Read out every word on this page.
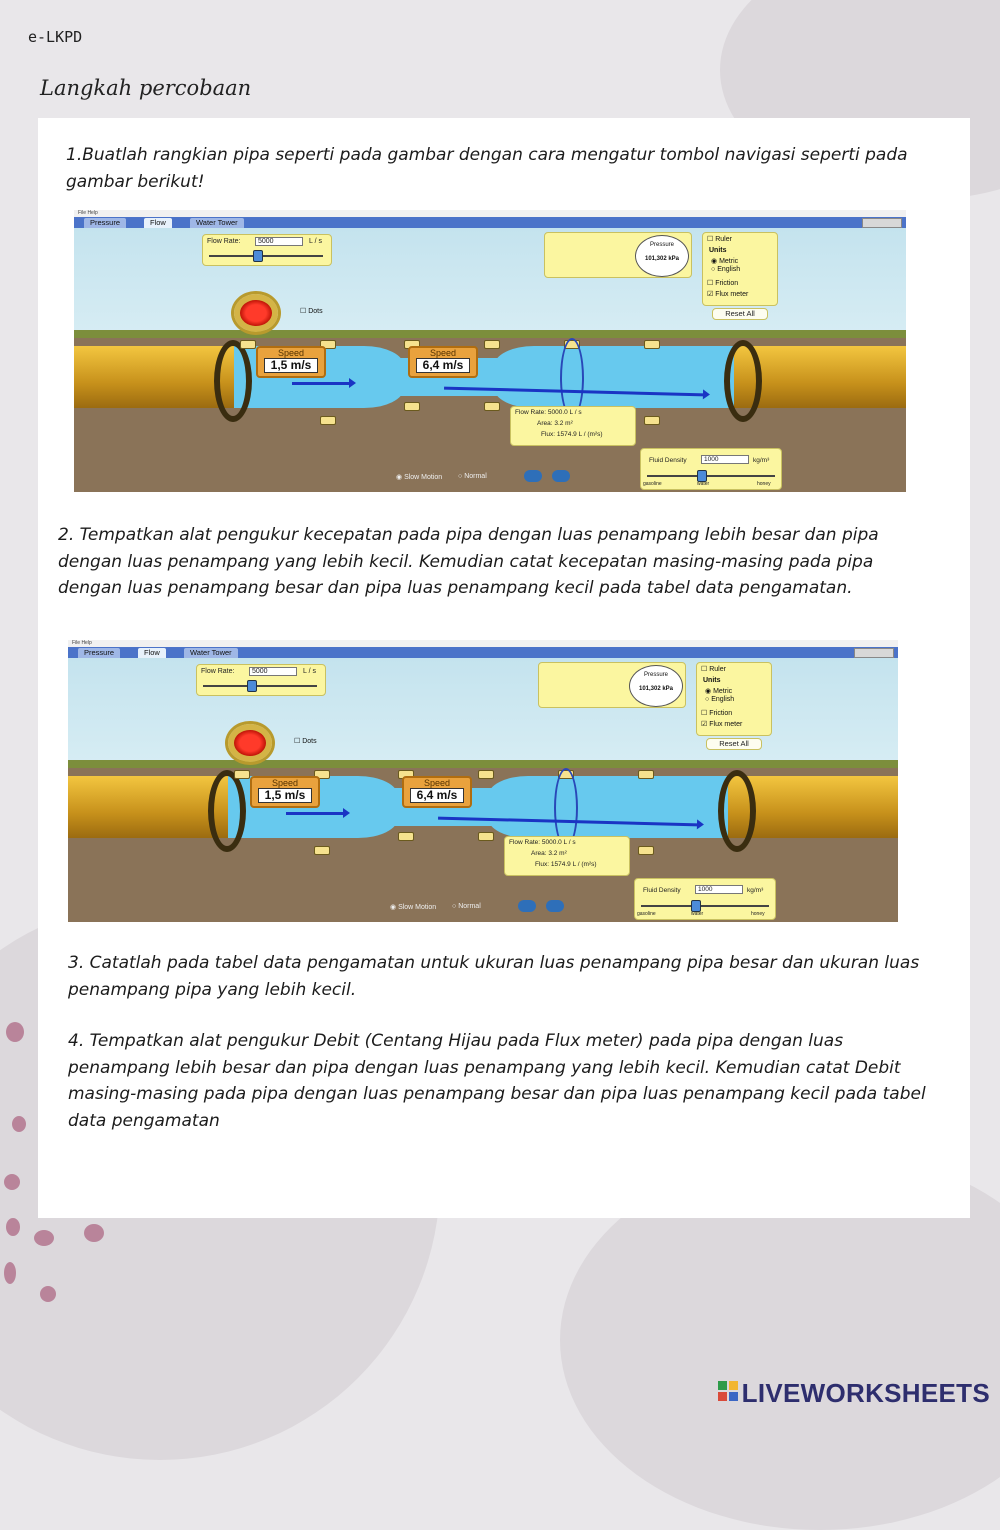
e-LKPD
Langkah percobaan
1.Buatlah rangkian pipa seperti pada gambar dengan cara mengatur tombol navigasi seperti pada gambar berikut!
File Help
Pressure	Flow	Water Tower
Flow Rate:	5000	L / s
☐ Dots
Pressure
101,302 kPa
☐ Ruler
Units
◉ Metric
○ English
☐ Friction
☑ Flux meter
Reset All
Speed
1,5 m/s
Speed
6,4 m/s
Flow Rate: 5000.0 L / s
Area: 3.2 m²
Flux: 1574.9 L / (m²s)
Fluid Density	1000	kg/m³
gasoline	water	honey
◉ Slow Motion ○ Normal
2. Tempatkan alat pengukur kecepatan pada pipa dengan luas penampang lebih besar dan pipa dengan luas penampang yang lebih kecil. Kemudian catat kecepatan masing-masing pada pipa dengan luas penampang besar dan pipa luas penampang kecil pada tabel data pengamatan.
File Help
Pressure	Flow	Water Tower
Flow Rate:	5000	L / s
☐ Dots
Pressure
101,302 kPa
☐ Ruler
Units
◉ Metric
○ English
☐ Friction
☑ Flux meter
Reset All
Speed
1,5 m/s
Speed
6,4 m/s
Flow Rate: 5000.0 L / s
Area: 3.2 m²
Flux: 1574.9 L / (m²s)
Fluid Density	1000	kg/m³
gasoline	water	honey
◉ Slow Motion ○ Normal
3. Catatlah pada tabel data pengamatan untuk ukuran luas penampang pipa besar dan ukuran luas penampang pipa yang lebih kecil.
4. Tempatkan alat pengukur Debit (Centang Hijau pada Flux meter) pada pipa dengan luas penampang lebih besar dan pipa dengan luas penampang yang lebih kecil. Kemudian catat Debit masing-masing pada pipa dengan luas penampang besar dan pipa luas penampang kecil pada tabel data pengamatan
LIVEWORKSHEETS
